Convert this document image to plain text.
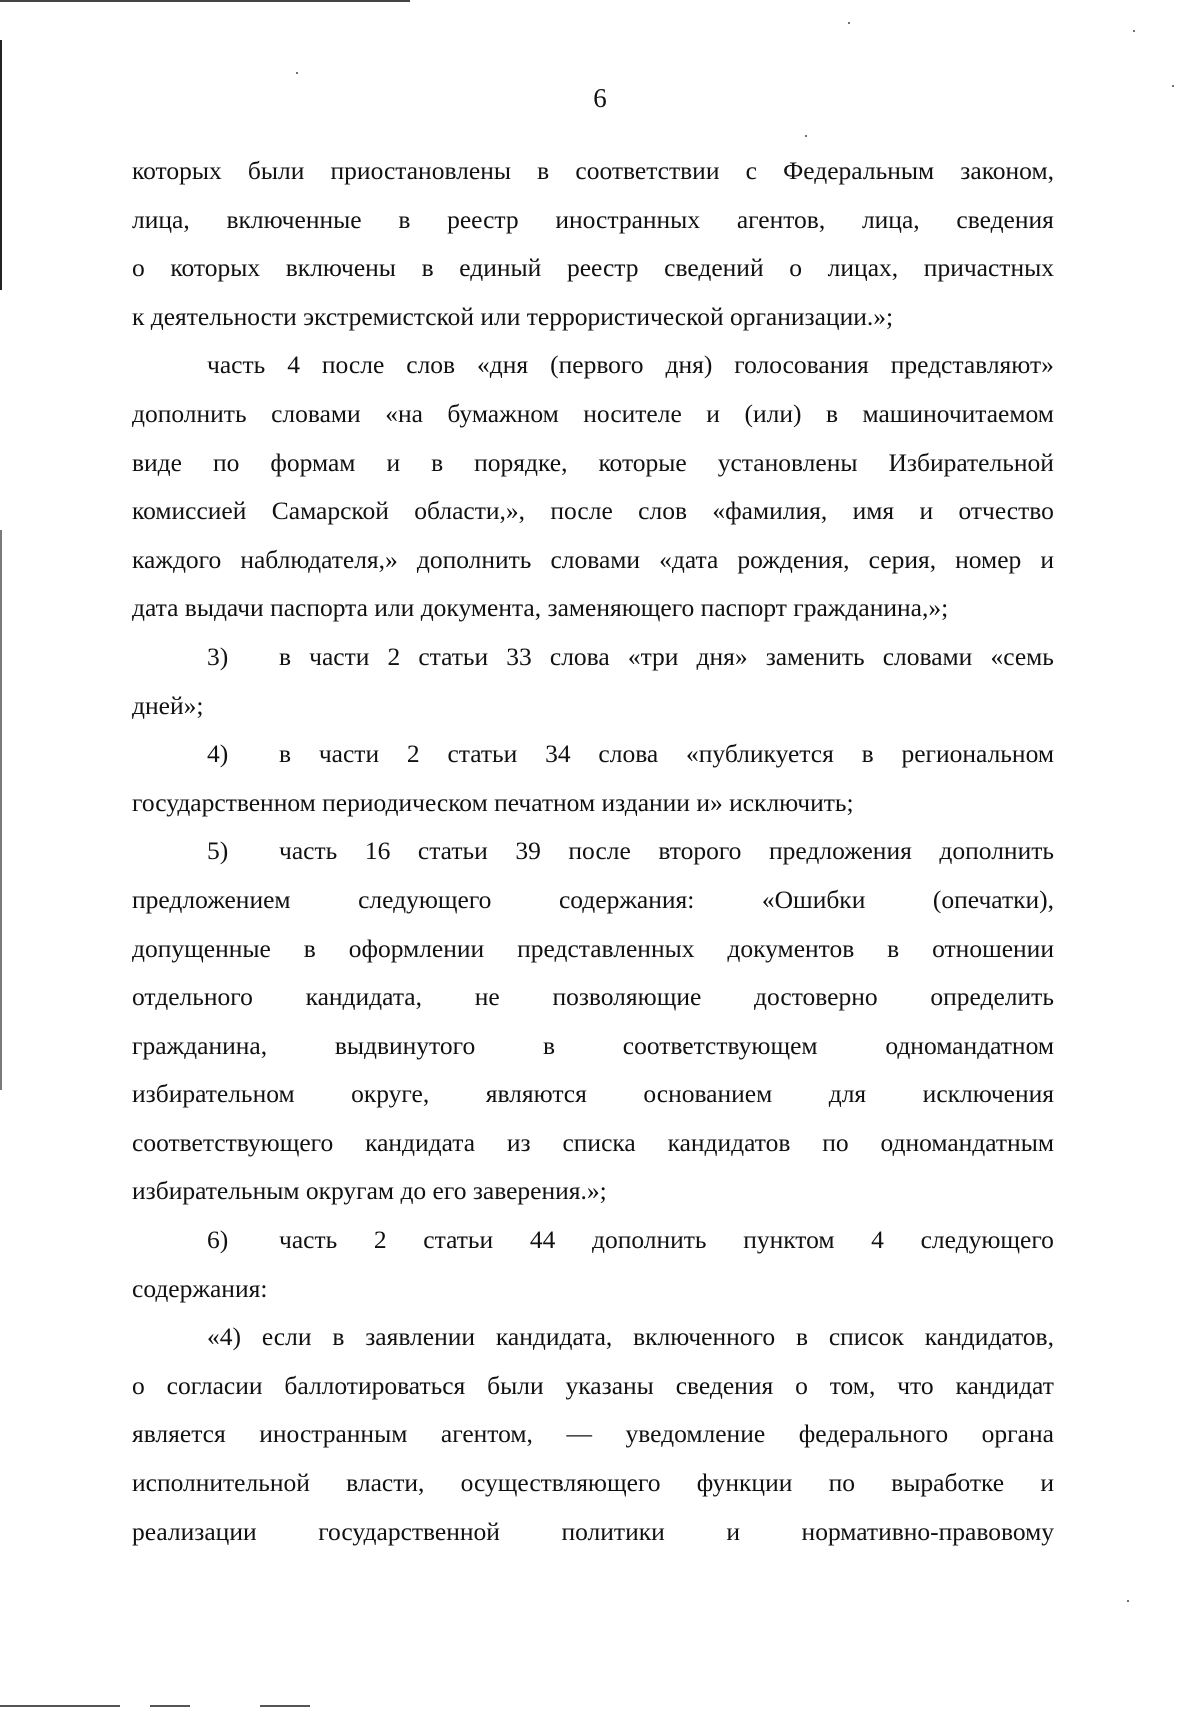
6
которых были приостановлены в соответствии с Федеральным законом,
лица, включенные в реестр иностранных агентов, лица, сведения
о которых включены в единый реестр сведений о лицах, причастных
к деятельности экстремистской или террористической организации.»;
часть 4 после слов «дня (первого дня) голосования представляют»
дополнить словами «на бумажном носителе и (или) в машиночитаемом
виде по формам и в порядке, которые установлены Избирательной
комиссией Самарской области,», после слов «фамилия, имя и отчество
каждого наблюдателя,» дополнить словами «дата рождения, серия, номер и
дата выдачи паспорта или документа, заменяющего паспорт гражданина,»;
3) в части 2 статьи 33 слова «три дня» заменить словами «семь
дней»;
4) в части 2 статьи 34 слова «публикуется в региональном
государственном периодическом печатном издании и» исключить;
5) часть 16 статьи 39 после второго предложения дополнить
предложением	следующего	содержания:	«Ошибки	(опечатки),
допущенные в оформлении представленных документов в отношении
отдельного кандидата, не позволяющие достоверно определить
гражданина,	выдвинутого	в	соответствующем	одномандатном
избирательном округе, являются основанием для исключения
соответствующего кандидата из списка кандидатов по одномандатным
избирательным округам до его заверения.»;
6) часть 2 статьи 44 дополнить пунктом 4 следующего
содержания:
«4) если в заявлении кандидата, включенного в список кандидатов,
о согласии баллотироваться были указаны сведения о том, что кандидат
является иностранным агентом, — уведомление федерального органа
исполнительной власти, осуществляющего функции по выработке и
реализации государственной политики и нормативно-правовому
